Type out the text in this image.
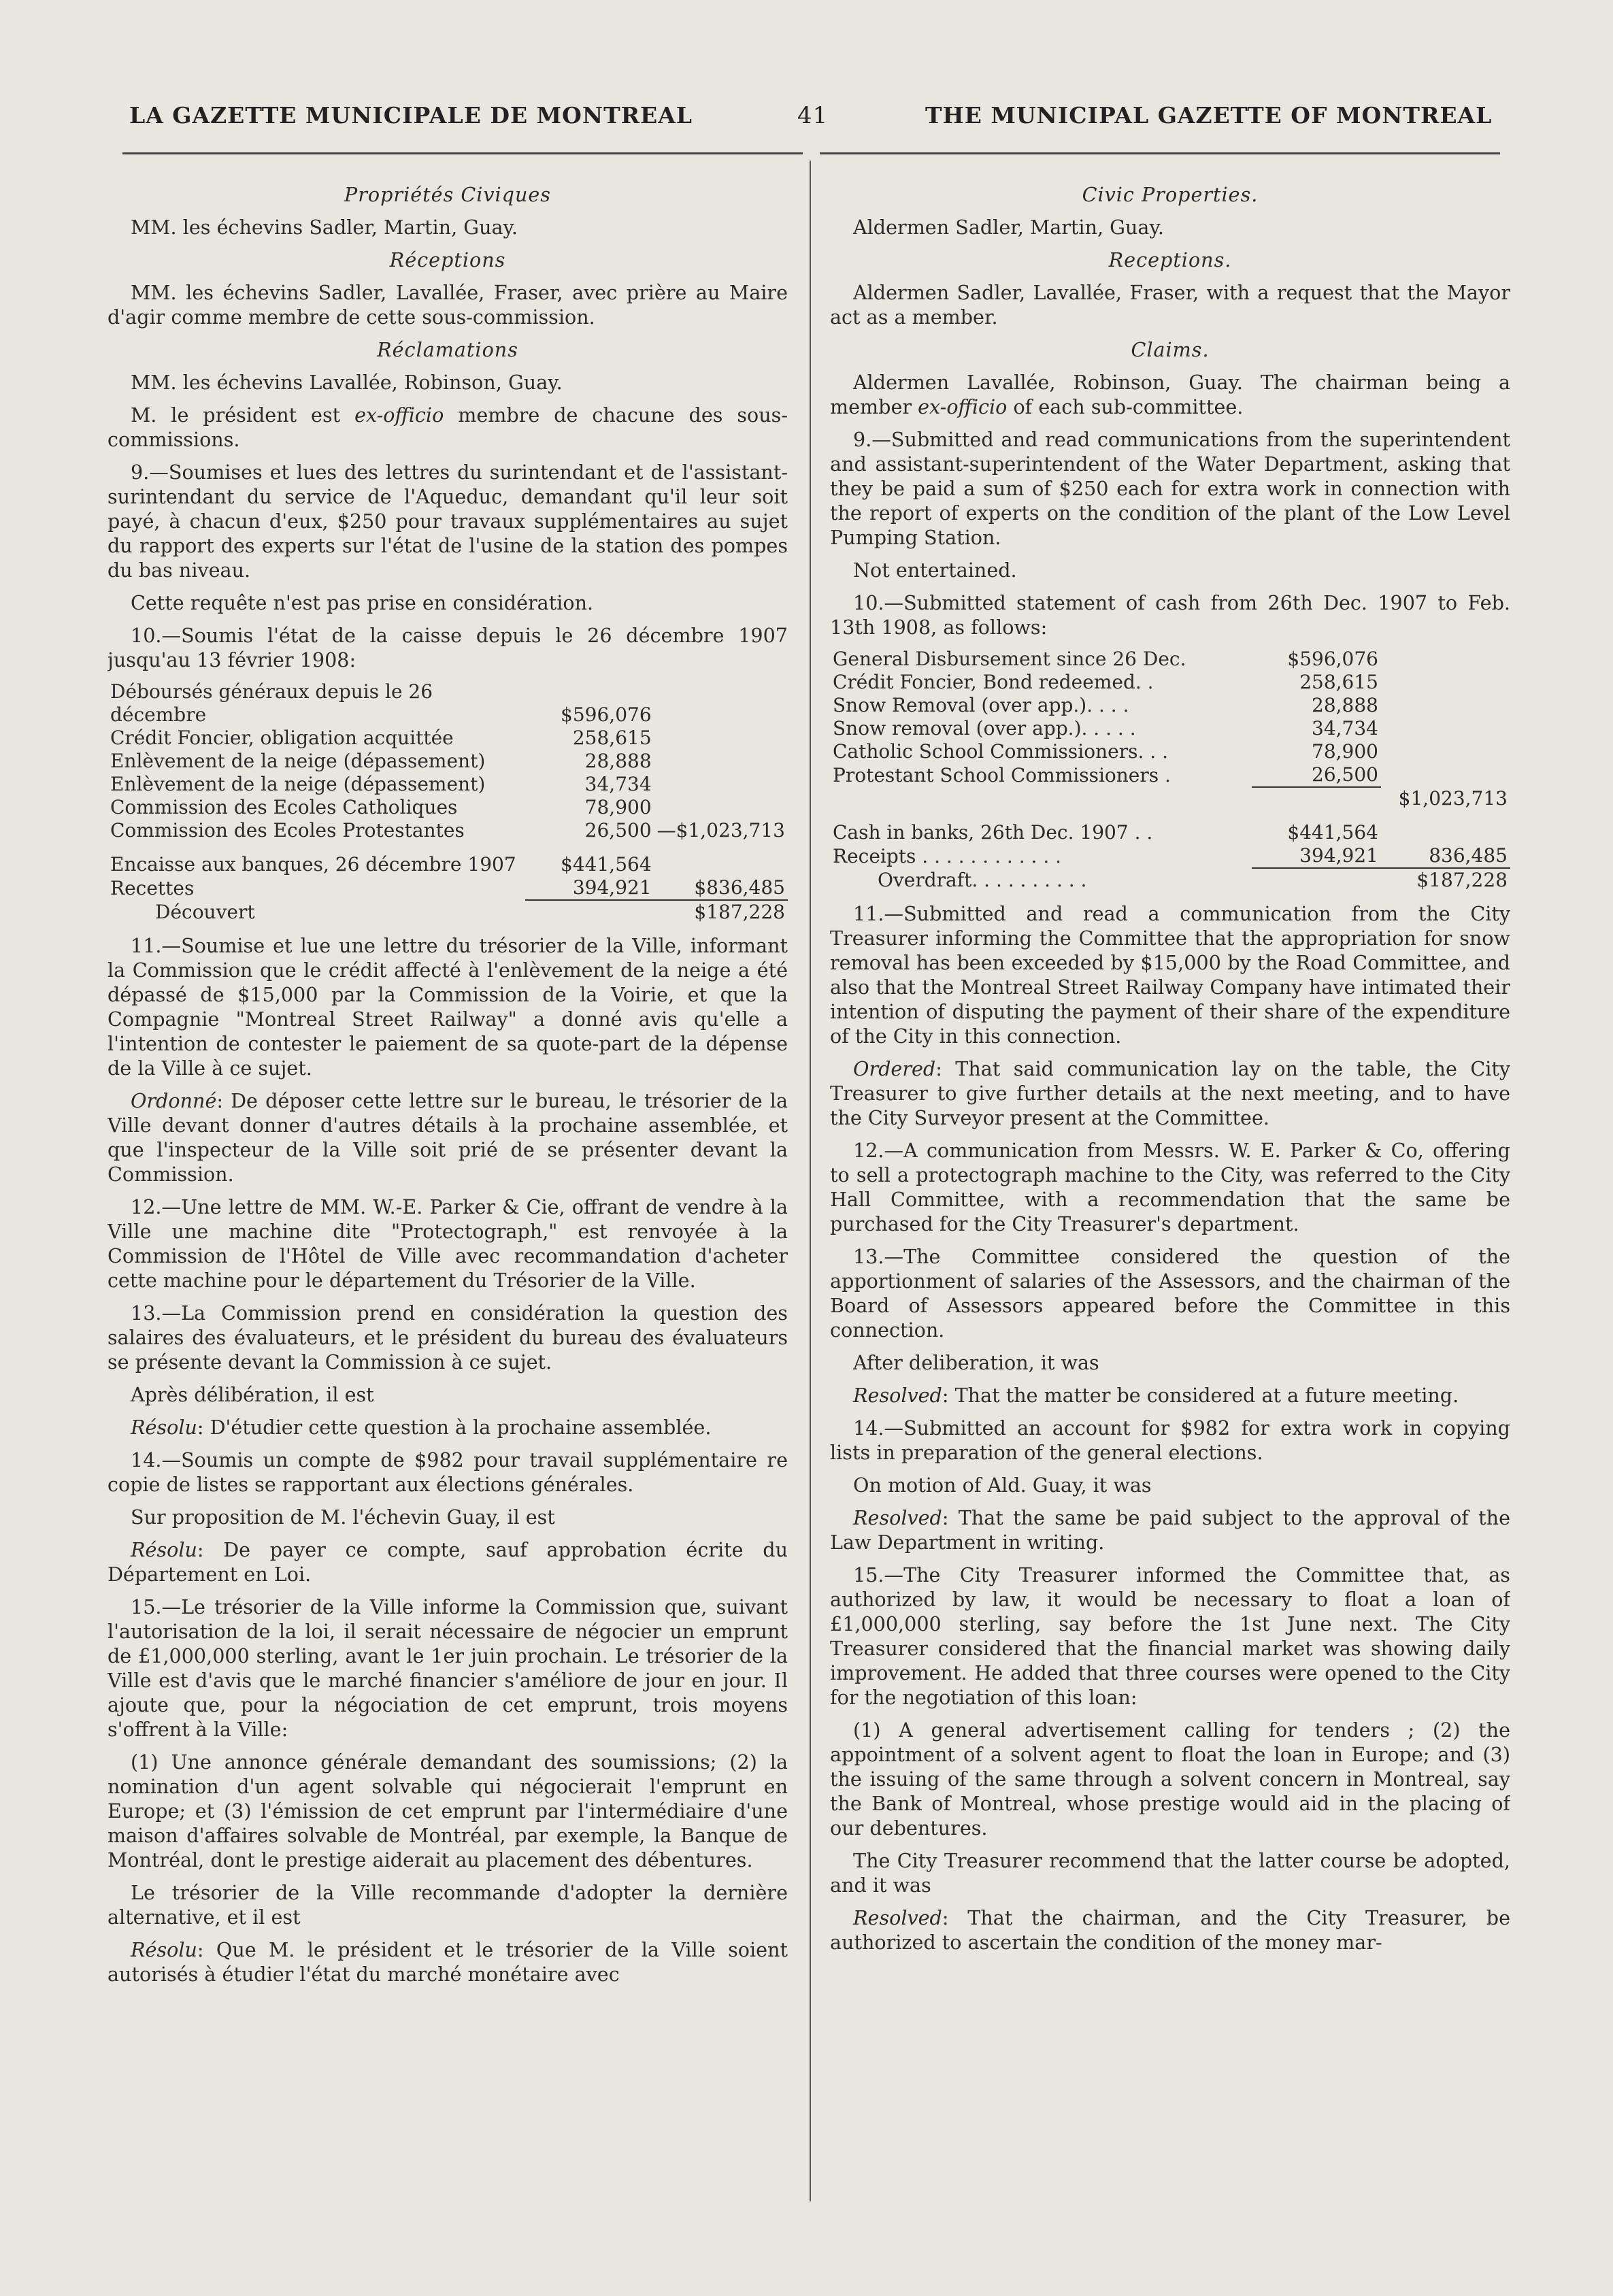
LA GAZETTE MUNICIPALE DE MONTREAL	41	THE MUNICIPAL GAZETTE OF MONTREAL
Propriétés Civiques

MM. les échevins Sadler, Martin, Guay.

Réceptions

MM. les échevins Sadler, Lavallée, Fraser, avec prière au Maire d'agir comme membre de cette sous-commission.

Réclamations

MM. les échevins Lavallée, Robinson, Guay.

M. le président est ex-officio membre de chacune des sous-commissions.

9.—Soumises et lues des lettres du surintendant et de l'assistant-surintendant du service de l'Aqueduc, demandant qu'il leur soit payé, à chacun d'eux, $250 pour travaux supplémentaires au sujet du rapport des experts sur l'état de l'usine de la station des pompes du bas niveau.

Cette requête n'est pas prise en considération.

10.—Soumis l'état de la caisse depuis le 26 décembre 1907 jusqu'au 13 février 1908:

Déboursés généraux depuis le 26 décembre	$596,076	
Crédit Foncier, obligation acquittée	258,615	
Enlèvement de la neige (dépassement)	28,888	
Enlèvement de la neige (dépassement)	34,734	
Commission des Ecoles Catholiques	78,900	
Commission des Ecoles Protestantes	26,500	—$1,023,713

Encaisse aux banques, 26 décembre 1907	$441,564	
Recettes	394,921	$836,485
Découvert		$187,228

11.—Soumise et lue une lettre du trésorier de la Ville, informant la Commission que le crédit affecté à l'enlèvement de la neige a été dépassé de $15,000 par la Commission de la Voirie, et que la Compagnie "Montreal Street Railway" a donné avis qu'elle a l'intention de contester le paiement de sa quote-part de la dépense de la Ville à ce sujet.

Ordonné: De déposer cette lettre sur le bureau, le trésorier de la Ville devant donner d'autres détails à la prochaine assemblée, et que l'inspecteur de la Ville soit prié de se présenter devant la Commission.

12.—Une lettre de MM. W.-E. Parker & Cie, offrant de vendre à la Ville une machine dite "Protectograph," est renvoyée à la Commission de l'Hôtel de Ville avec recommandation d'acheter cette machine pour le département du Trésorier de la Ville.

13.—La Commission prend en considération la question des salaires des évaluateurs, et le président du bureau des évaluateurs se présente devant la Commission à ce sujet.

Après délibération, il est

Résolu: D'étudier cette question à la prochaine assemblée.

14.—Soumis un compte de $982 pour travail supplémentaire re copie de listes se rapportant aux élections générales.

Sur proposition de M. l'échevin Guay, il est

Résolu: De payer ce compte, sauf approbation écrite du Département en Loi.

15.—Le trésorier de la Ville informe la Commission que, suivant l'autorisation de la loi, il serait nécessaire de négocier un emprunt de £1,000,000 sterling, avant le 1er juin prochain. Le trésorier de la Ville est d'avis que le marché financier s'améliore de jour en jour. Il ajoute que, pour la négociation de cet emprunt, trois moyens s'offrent à la Ville:

(1) Une annonce générale demandant des soumissions; (2) la nomination d'un agent solvable qui négocierait l'emprunt en Europe; et (3) l'émission de cet emprunt par l'intermédiaire d'une maison d'affaires solvable de Montréal, par exemple, la Banque de Montréal, dont le prestige aiderait au placement des débentures.

Le trésorier de la Ville recommande d'adopter la dernière alternative, et il est

Résolu: Que M. le président et le trésorier de la Ville soient autorisés à étudier l'état du marché monétaire avec

Civic Properties.

Aldermen Sadler, Martin, Guay.

Receptions.

Aldermen Sadler, Lavallée, Fraser, with a request that the Mayor act as a member.

Claims.

Aldermen Lavallée, Robinson, Guay. The chairman being a member ex-officio of each sub-committee.

9.—Submitted and read communications from the superintendent and assistant-superintendent of the Water Department, asking that they be paid a sum of $250 each for extra work in connection with the report of experts on the condition of the plant of the Low Level Pumping Station.

Not entertained.

10.—Submitted statement of cash from 26th Dec. 1907 to Feb. 13th 1908, as follows:

General Disbursement since 26 Dec.	$596,076	
Crédit Foncier, Bond redeemed. .	258,615	
Snow Removal (over app.). . . .	28,888	
Snow removal (over app.). . . . .	34,734	
Catholic School Commissioners. . .	78,900	
Protestant School Commissioners .	26,500	
		$1,023,713

Cash in banks, 26th Dec. 1907 . .	$441,564	
Receipts . . . . . . . . . . . .	394,921	836,485
Overdraft. . . . . . . . . .		$187,228

11.—Submitted and read a communication from the City Treasurer informing the Committee that the appropriation for snow removal has been exceeded by $15,000 by the Road Committee, and also that the Montreal Street Railway Company have intimated their intention of disputing the payment of their share of the expenditure of the City in this connection.

Ordered: That said communication lay on the table, the City Treasurer to give further details at the next meeting, and to have the City Surveyor present at the Committee.

12.—A communication from Messrs. W. E. Parker & Co, offering to sell a protectograph machine to the City, was referred to the City Hall Committee, with a recommendation that the same be purchased for the City Treasurer's department.

13.—The Committee considered the question of the apportionment of salaries of the Assessors, and the chairman of the Board of Assessors appeared before the Committee in this connection.

After deliberation, it was

Resolved: That the matter be considered at a future meeting.

14.—Submitted an account for $982 for extra work in copying lists in preparation of the general elections.

On motion of Ald. Guay, it was

Resolved: That the same be paid subject to the approval of the Law Department in writing.

15.—The City Treasurer informed the Committee that, as authorized by law, it would be necessary to float a loan of £1,000,000 sterling, say before the 1st June next. The City Treasurer considered that the financial market was showing daily improvement. He added that three courses were opened to the City for the negotiation of this loan:

(1) A general advertisement calling for tenders ; (2) the appointment of a solvent agent to float the loan in Europe; and (3) the issuing of the same through a solvent concern in Montreal, say the Bank of Montreal, whose prestige would aid in the placing of our debentures.

The City Treasurer recommend that the latter course be adopted, and it was

Resolved: That the chairman, and the City Treasurer, be authorized to ascertain the condition of the money mar-
